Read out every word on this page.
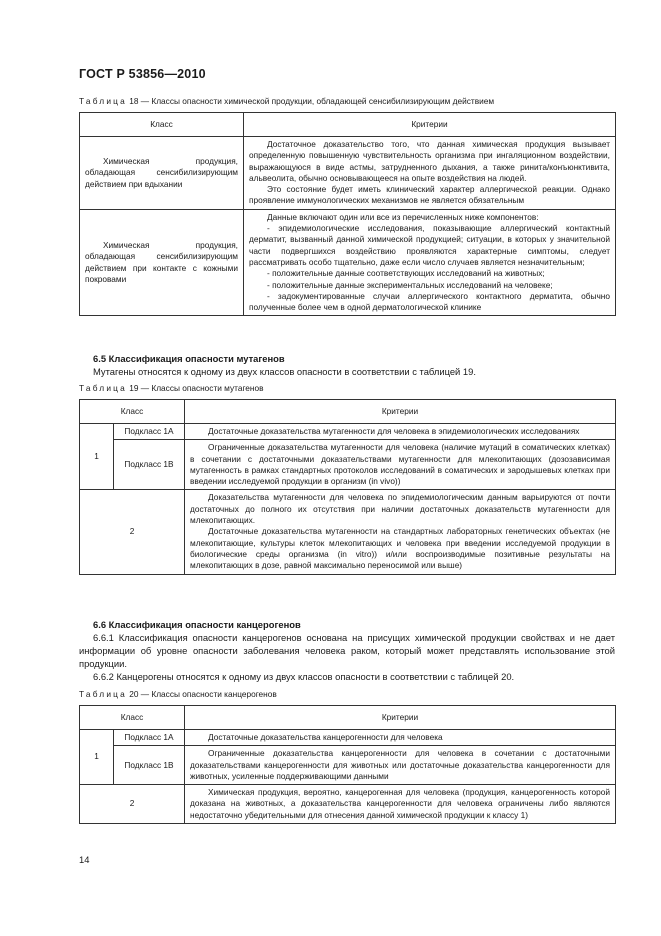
ГОСТ Р 53856—2010
Таблица 18 — Классы опасности химической продукции, обладающей сенсибилизирующим действием
Класс	Критерии

Химическая продукция, обладающая сенсибилизирующим действием при вдыхании	Достаточное доказательство того, что данная химическая продукция вызывает определенную повышенную чувствительность организма при ингаляционном воздействии, выражающуюся в виде астмы, затрудненного дыхания, а также ринита/конъюнктивита, альвеолита, обычно основывающееся на опыте воздействия на людей.

Это состояние будет иметь клинический характер аллергической реакции. Однако проявление иммунологических механизмов не является обязательным

Химическая продукция, обладающая сенсибилизирующим действием при контакте с кожными покровами	Данные включают один или все из перечисленных ниже компонентов:

- эпидемиологические исследования, показывающие аллергический контактный дерматит, вызванный данной химической продукцией; ситуации, в которых у значительной части подвергшихся воздействию проявляются характерные симптомы, следует рассматривать особо тщательно, даже если число случаев является незначительным;

- положительные данные соответствующих исследований на животных;

- положительные данные экспериментальных исследований на человеке;

- задокументированные случаи аллергического контактного дерматита, обычно полученные более чем в одной дерматологической клинике

6.5 Классификация опасности мутагенов

Мутагены относятся к одному из двух классов опасности в соответствии с таблицей 19.

Таблица 19 — Классы опасности мутагенов
Класс		Критерии
1	Подкласс 1А	Достаточные доказательства мутагенности для человека в эпидемиологических исследованиях

	Подкласс 1В	Ограниченные доказательства мутагенности для человека (наличие мутаций в соматических клетках) в сочетании с достаточными доказательствами мутагенности для млекопитающих (дозозависимая мутагенность в рамках стандартных протоколов исследований в соматических и зародышевых клетках при введении исследуемой продукции в организм (in vivo))

2		Доказательства мутагенности для человека по эпидемиологическим данным варьируются от почти достаточных до полного их отсутствия при наличии достаточных доказательств мутагенности для млекопитающих.

Достаточные доказательства мутагенности на стандартных лабораторных генетических объектах (не млекопитающие, культуры клеток млекопитающих и человека при введении исследуемой продукции в биологические среды организма (in vitro)) и/или воспроизводимые позитивные результаты на млекопитающих в дозе, равной максимально переносимой или выше)

6.6 Классификация опасности канцерогенов

6.6.1 Классификация опасности канцерогенов основана на присущих химической продукции свойствах и не дает информации об уровне опасности заболевания человека раком, который может представлять использование этой продукции.

6.6.2 Канцерогены относятся к одному из двух классов опасности в соответствии с таблицей 20.

Таблица 20 — Классы опасности канцерогенов
Класс		Критерии
1	Подкласс 1А	Достаточные доказательства канцерогенности для человека

	Подкласс 1В	Ограниченные доказательства канцерогенности для человека в сочетании с достаточными доказательствами канцерогенности для животных или достаточные доказательства канцерогенности для животных, усиленные поддерживающими данными

2		Химическая продукция, вероятно, канцерогенная для человека (продукция, канцерогенность которой доказана на животных, а доказательства канцерогенности для человека ограничены либо являются недостаточно убедительными для отнесения данной химической продукции к классу 1)

14
